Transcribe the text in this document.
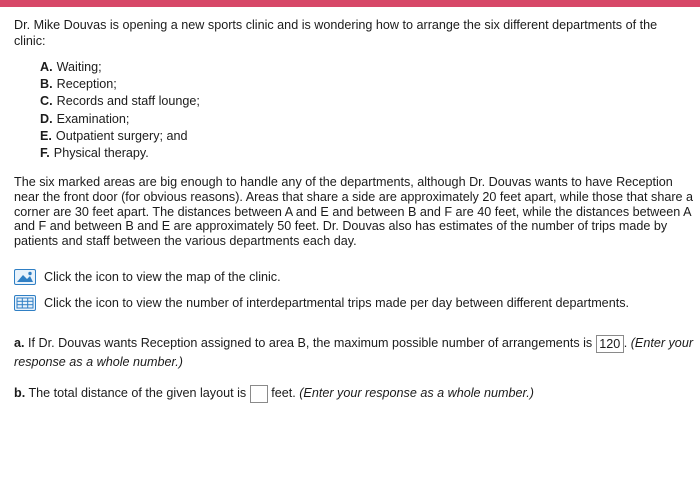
Dr. Mike Douvas is opening a new sports clinic and is wondering how to arrange the six different departments of the clinic:
A. Waiting;
B. Reception;
C. Records and staff lounge;
D. Examination;
E. Outpatient surgery; and
F. Physical therapy.
The six marked areas are big enough to handle any of the departments, although Dr. Douvas wants to have Reception near the front door (for obvious reasons). Areas that share a side are approximately 20 feet apart, while those that share a corner are 30 feet apart. The distances between A and E and between B and F are 40 feet, while the distances between A and F and between B and E are approximately 50 feet. Dr. Douvas also has estimates of the number of trips made by patients and staff between the various departments each day.
Click the icon to view the map of the clinic.
Click the icon to view the number of interdepartmental trips made per day between different departments.
a. If Dr. Douvas wants Reception assigned to area B, the maximum possible number of arrangements is 120 . (Enter your response as a whole number.)
b. The total distance of the given layout is feet. (Enter your response as a whole number.)
